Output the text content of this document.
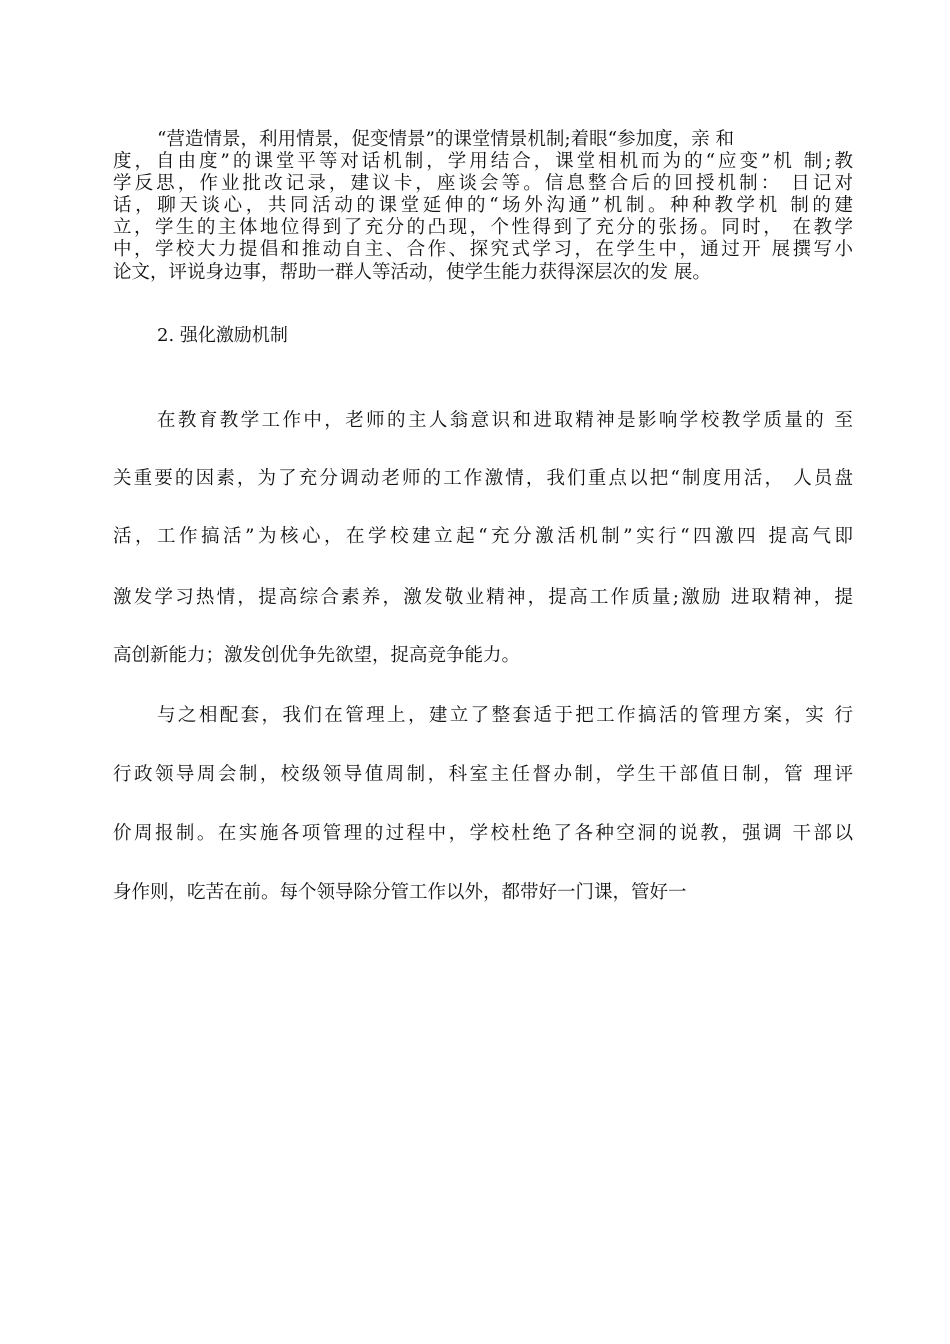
“营造情景，利用情景，促变情景”的课堂情景机制;着眼“参加度，亲 和
度，自由度”的课堂平等对话机制，学用结合，课堂相机而为的“应变”机 制;教
学反思，作业批改记录，建议卡，座谈会等。信息整合后的回授机制： 日记对
话，聊天谈心，共同活动的课堂延伸的“场外沟通”机制。种种教学机 制的建
立，学生的主体地位得到了充分的凸现，个性得到了充分的张扬。同时， 在教学
中，学校大力提倡和推动自主、合作、探究式学习，在学生中，通过开 展撰写小
论文，评说身边事，帮助一群人等活动，使学生能力获得深层次的发 展。
2. 强化激励机制
在教育教学工作中，老师的主人翁意识和进取精神是影响学校教学质量的 至
关重要的因素，为了充分调动老师的工作激情，我们重点以把“制度用活， 人员盘
活，工作搞活”为核心，在学校建立起“充分激活机制”实行“四激四 提高气即
激发学习热情，提高综合素养，激发敬业精神，提高工作质量;激励 进取精神，提
高创新能力；激发创优争先欲望，捉高竞争能力。
与之相配套，我们在管理上，建立了整套适于把工作搞活的管理方案，实 行
行政领导周会制，校级领导值周制，科室主任督办制，学生干部值日制，管 理评
价周报制。在实施各项管理的过程中，学校杜绝了各种空洞的说教，强调 干部以
身作则，吃苦在前。每个领导除分管工作以外，都带好一门课，管好一
